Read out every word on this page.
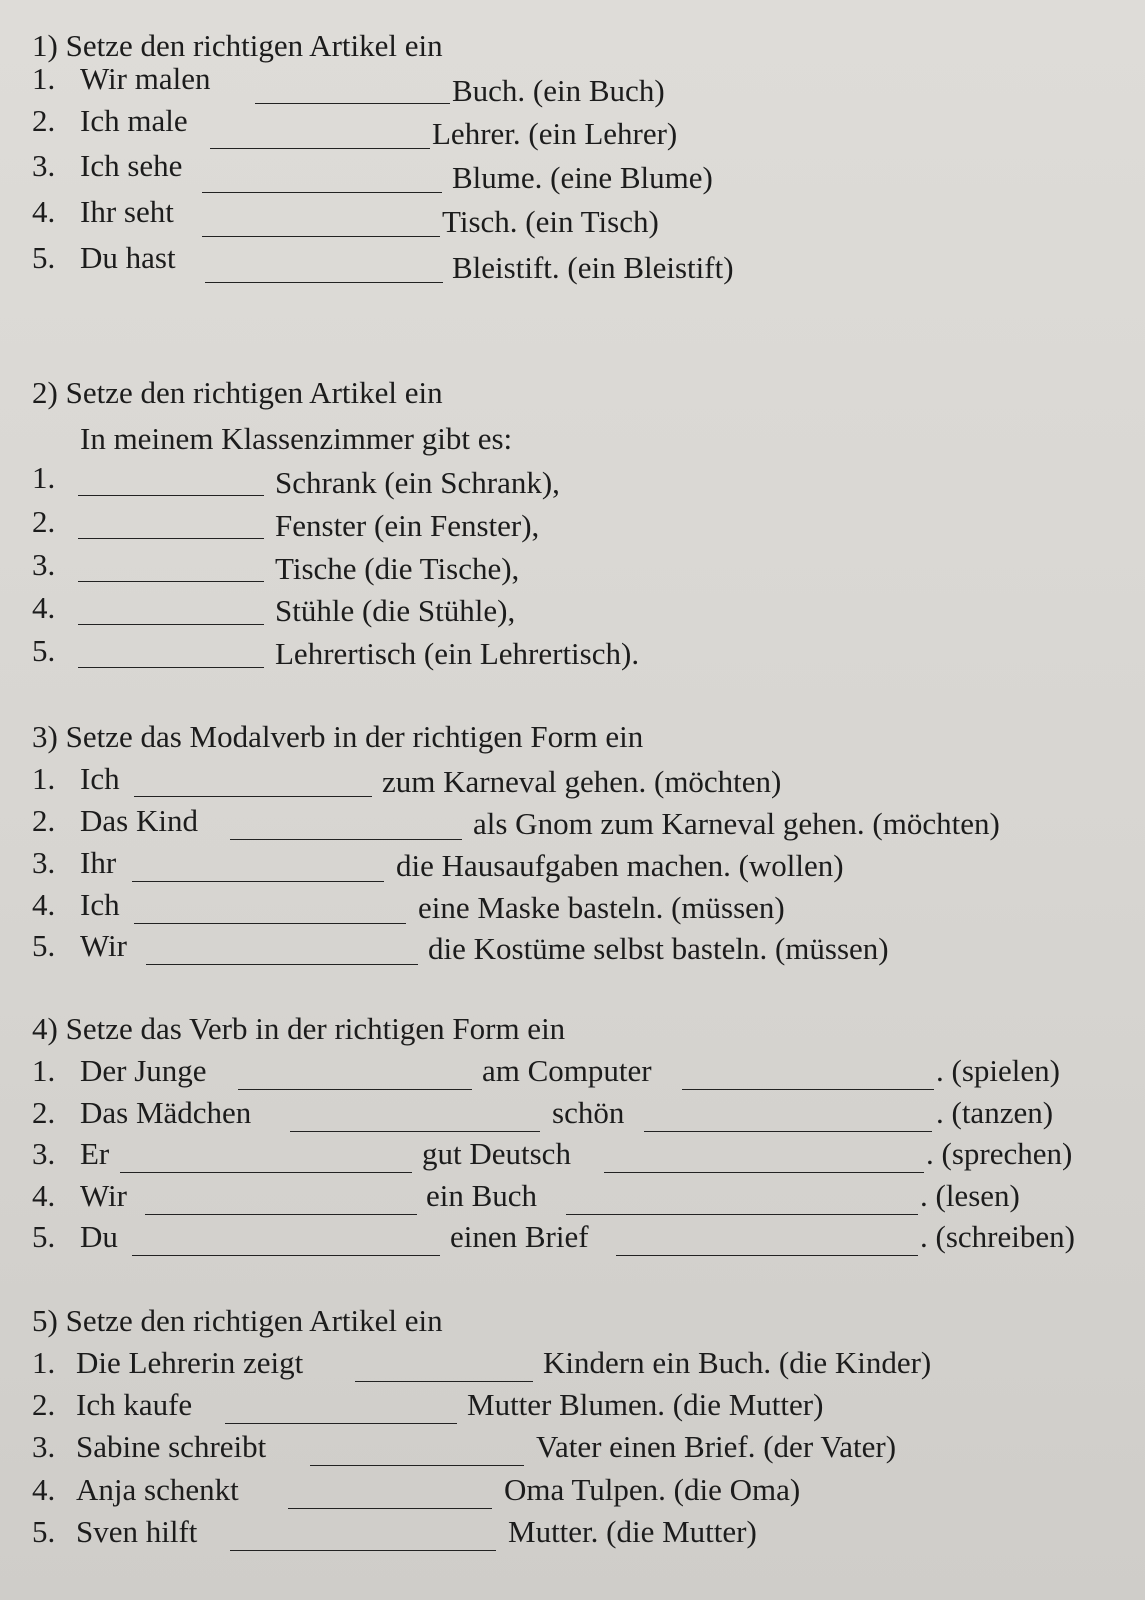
1) Setze den richtigen Artikel ein
1. Wir malen	Buch. (ein Buch)
2. Ich male	Lehrer. (ein Lehrer)
3. Ich sehe	Blume. (eine Blume)
4. Ihr seht	Tisch. (ein Tisch)
5. Du hast	Bleistift. (ein Bleistift)
2) Setze den richtigen Artikel ein
In meinem Klassenzimmer gibt es:
1.	Schrank (ein Schrank),
2.	Fenster (ein Fenster),
3.	Tische (die Tische),
4.	Stühle (die Stühle),
5.	Lehrertisch (ein Lehrertisch).
3) Setze das Modalverb in der richtigen Form ein
1. Ich	zum Karneval gehen. (möchten)
2. Das Kind	als Gnom zum Karneval gehen. (möchten)
3. Ihr	die Hausaufgaben machen. (wollen)
4. Ich	eine Maske basteln. (müssen)
5. Wir	die Kostüme selbst basteln. (müssen)
4) Setze das Verb in der richtigen Form ein
1. Der Junge	am Computer	. (spielen)
2. Das Mädchen	schön	. (tanzen)
3. Er	gut Deutsch	. (sprechen)
4. Wir	ein Buch	. (lesen)
5. Du	einen Brief	. (schreiben)
5) Setze den richtigen Artikel ein
1. Die Lehrerin zeigt	Kindern ein Buch. (die Kinder)
2. Ich kaufe	Mutter Blumen. (die Mutter)
3. Sabine schreibt	Vater einen Brief. (der Vater)
4. Anja schenkt	Oma Tulpen. (die Oma)
5. Sven hilft	Mutter. (die Mutter)
